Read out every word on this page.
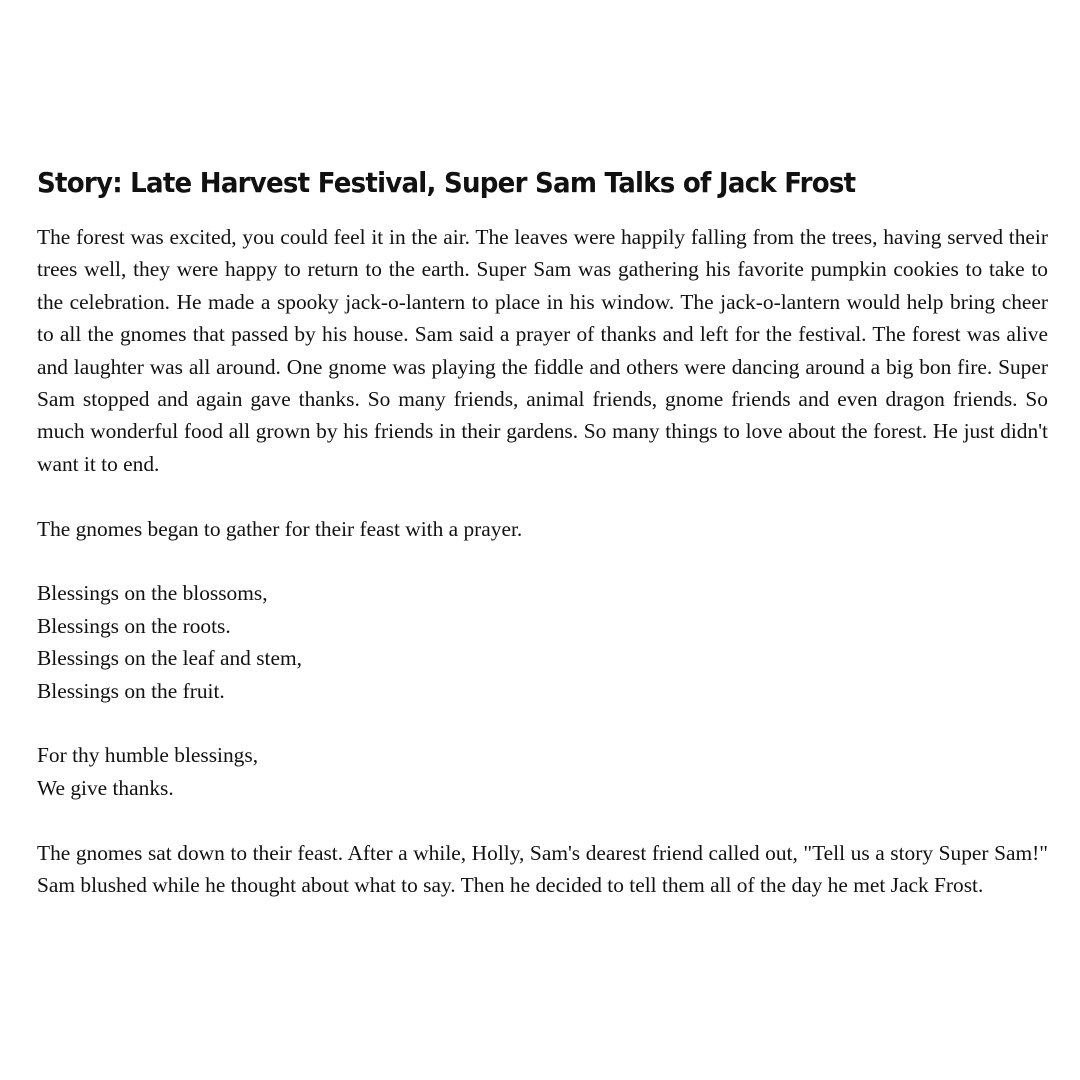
Story: Late Harvest Festival, Super Sam Talks of Jack Frost

The forest was excited, you could feel it in the air. The leaves were happily falling from the trees, having served their trees well, they were happy to return to the earth. Super Sam was gathering his favorite pumpkin cookies to take to the celebration. He made a spooky jack-o-lantern to place in his window. The jack-o-lantern would help bring cheer to all the gnomes that passed by his house. Sam said a prayer of thanks and left for the festival. The forest was alive and laughter was all around. One gnome was playing the fiddle and others were dancing around a big bon fire. Super Sam stopped and again gave thanks. So many friends, animal friends, gnome friends and even dragon friends. So much wonderful food all grown by his friends in their gardens. So many things to love about the forest. He just didn't want it to end.

The gnomes began to gather for their feast with a prayer.

Blessings on the blossoms,
Blessings on the roots.
Blessings on the leaf and stem,
Blessings on the fruit.
For thy humble blessings,
We give thanks.

The gnomes sat down to their feast. After a while, Holly, Sam's dearest friend called out, "Tell us a story Super Sam!" Sam blushed while he thought about what to say. Then he decided to tell them all of the day he met Jack Frost.
